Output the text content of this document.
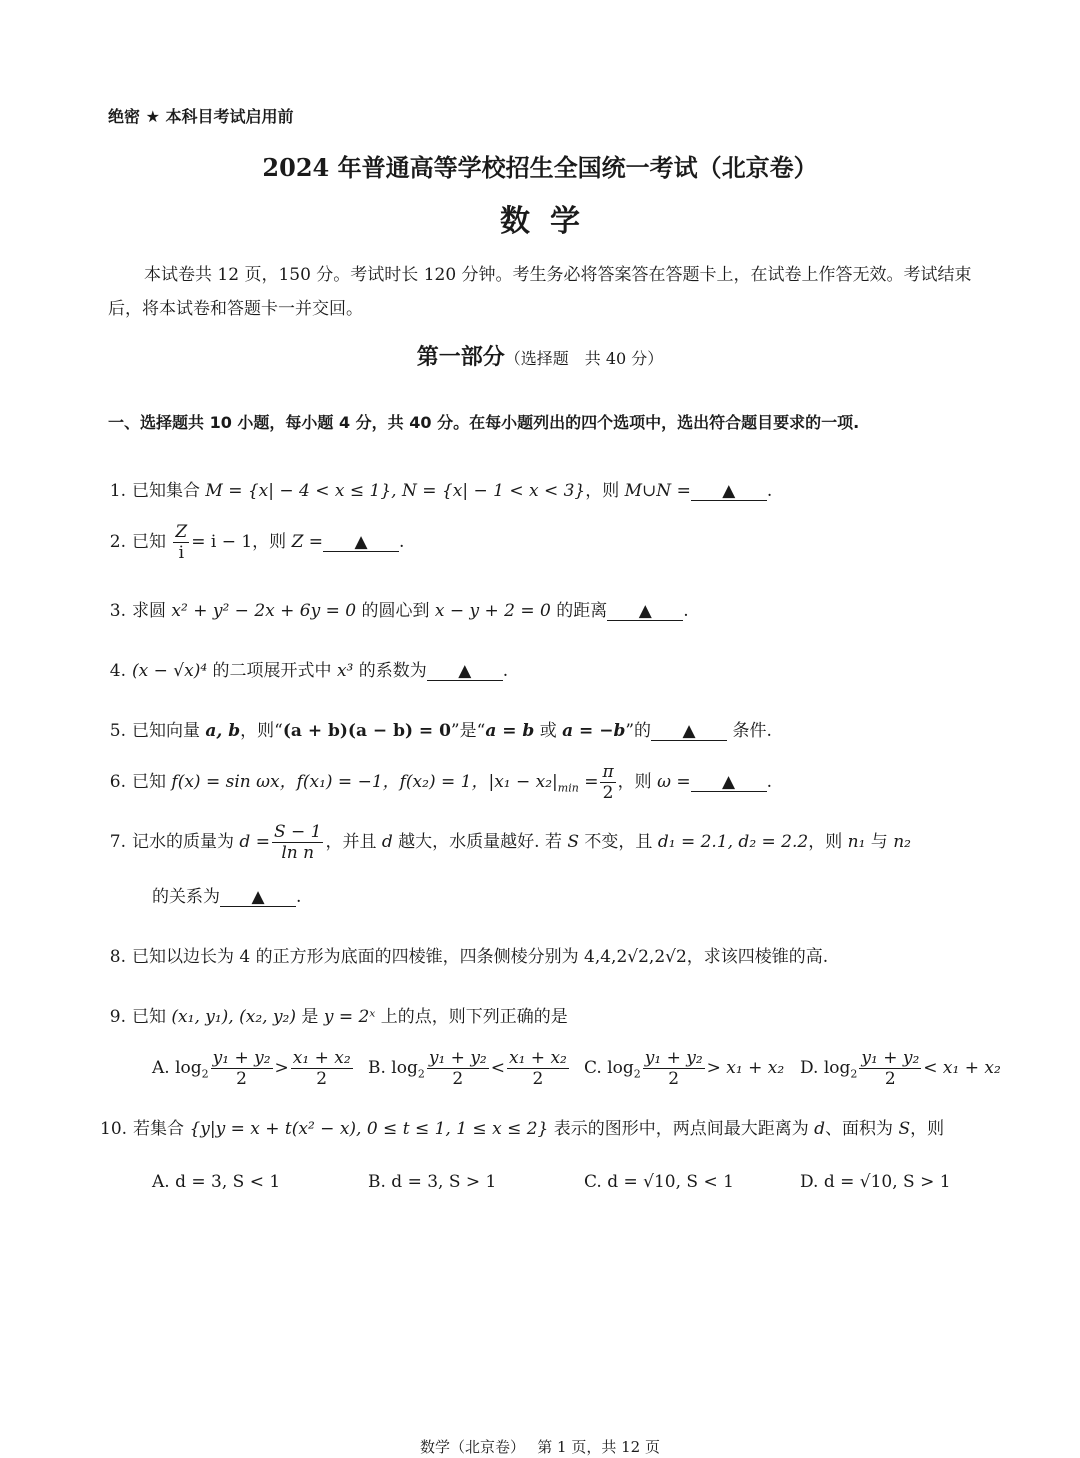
绝密 ★ 本科目考试启用前
2024 年普通高等学校招生全国统一考试（北京卷）
数学
本试卷共 12 页，150 分。考试时长 120 分钟。考生务必将答案答在答题卡上，在试卷上作答无效。考试结束后，将本试卷和答题卡一并交回。
第一部分（选择题　共 40 分）
一、选择题共 10 小题，每小题 4 分，共 40 分。在每小题列出的四个选项中，选出符合题目要求的一项.
1. 已知集合 M = {x| − 4 < x ≤ 1}, N = {x| − 1 < x < 3}，则 M∪N = ▲ .
2. 已知 $\frac{Z}{i} = i - 1$，则 Z = ▲ .
3. 求圆 x² + y² − 2x + 6y = 0 的圆心到 x − y + 2 = 0 的距离 ▲ .
4. (x − √x)⁴ 的二项展开式中 x³ 的系数为 ▲ .
5. 已知向量 a, b，则“(a + b)(a − b) = 0”是“a = b 或 a = −b”的 ▲ 条件.
6. 已知 f(x) = sin ωx，f(x₁) = −1，f(x₂) = 1，$|x_1 - x_2|_{min} = \frac{\pi}{2}$ ，则 ω = ▲ .
7. 记水的质量为 $d = \frac{S - 1}{\text{ln n}}$ ，并且 d 越大，水质量越好. 若 S 不变，且 d₁ = 2.1, d₂ = 2.2，则 n₁ 与 n₂
的关系为 ▲ .
8. 已知以边长为 4 的正方形为底面的四棱锥，四条侧棱分别为 4,4,2√2,2√2，求该四棱锥的高.
9. 已知 (x₁, y₁), (x₂, y₂) 是 y = 2ˣ 上的点，则下列正确的是
A. $\log_2 \frac{\text{y₁ + y₂}}{2} > \frac{\text{x₁ + x₂}}{2} B$. $\log_2 \frac{\text{y₁ + y₂}}{2} < \frac{\text{x₁ + x₂}}{2} C$. $\log_2 \frac{\text{y₁ + y₂}}{2} > x_1 + x_2$ D. $\log_2 \frac{\text{y₁ + y₂}}{2} < x_1 + x_2$
10. 若集合 {y|y = x + t(x² − x), 0 ≤ t ≤ 1, 1 ≤ x ≤ 2} 表示的图形中，两点间最大距离为 d、面积为 S，则
A. d = 3, S < 1	B. d = 3, S > 1	C. d = √10, S < 1	D. d = √10, S > 1
数学（北京卷）　 第 1 页，共 12 页
